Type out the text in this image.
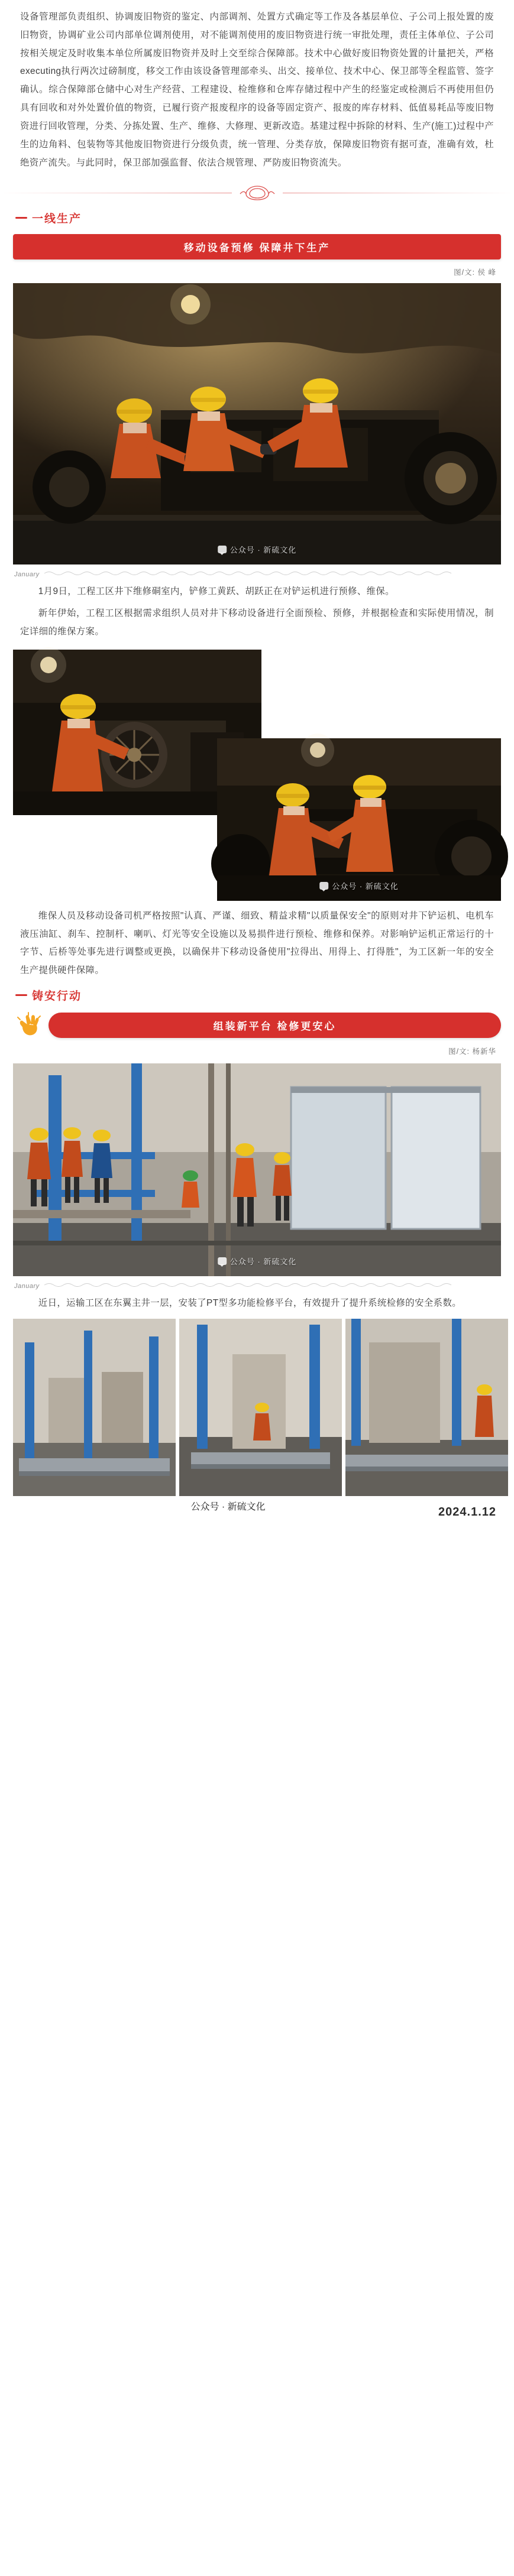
设备管理部负责组织、协调废旧物资的鉴定、内部调剂、处置方式确定等工作及各基层单位、子公司上报处置的废旧物资，协调矿业公司内部单位调剂使用，对不能调剂使用的废旧物资进行统一审批处理，责任主体单位、子公司按相关规定及时收集本单位所属废旧物资并及时上交至综合保障部。技术中心做好废旧物资处置的计量把关，严格executing执行两次过磅制度，移交工作由该设备管理部牵头、出交、接单位、技术中心、保卫部等全程监管、签字确认。综合保障部仓储中心对生产经营、工程建设、检维修和仓库存储过程中产生的经鉴定或检测后不再使用但仍具有回收和对外处置价值的物资，已履行资产报废程序的设备等固定资产、报废的库存材料、低值易耗品等废旧物资进行回收管理，分类、分拣处置、生产、维修、大修理、更新改造。基建过程中拆除的材料、生产(施工)过程中产生的边角料、包装物等其他废旧物资进行分级负责，统一管理、分类存放，保障废旧物资有据可查，准确有效，杜绝资产流失。与此同时，保卫部加强监督、依法合规管理、严防废旧物资流失。

一线生产
移动设备预修 保障井下生产
图/文: 侯 峰
公众号 · 新硫文化
January

1月9日，工程工区井下维修硐室内，铲修工黄跃、胡跃正在对铲运机进行预修、维保。

新年伊始，工程工区根据需求组织人员对井下移动设备进行全面预检、预修，并根据检查和实际使用情况，制定详细的维保方案。

公众号 · 新硫文化

维保人员及移动设备司机严格按照"认真、严谨、细致、精益求精"以质量保安全"的原则对井下铲运机、电机车液压油缸、刹车、控制杆、喇叭、灯光等安全设施以及易损件进行预检、维修和保养。对影响铲运机正常运行的十字节、后桥等处事先进行调整或更换，以确保井下移动设备使用"拉得出、用得上、打得胜"，为工区新一年的安全生产提供硬件保障。

铸安行动
组装新平台 检修更安心
图/文: 杨新华
公众号 · 新硫文化
January

近日，运输工区在东翼主井一层，安装了PT型多功能检修平台，有效提升了提升系统检修的安全系数。

公众号 · 新硫文化	2024.1.12
